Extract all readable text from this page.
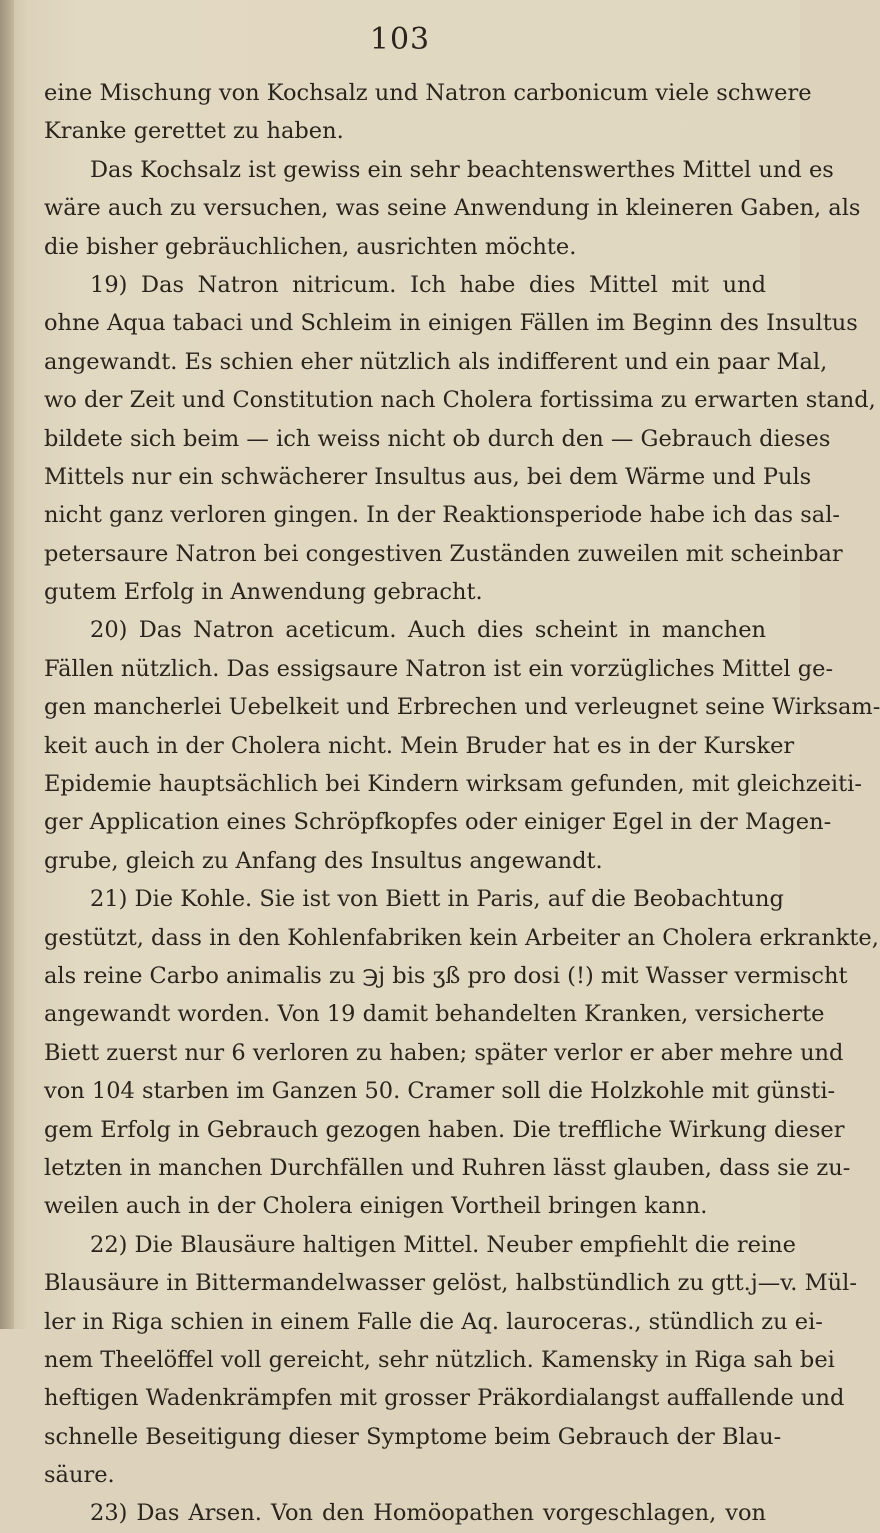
103
eine Mischung von Kochsalz und Natron carbonicum viele schwere
Kranke gerettet zu haben.
Das Kochsalz ist gewiss ein sehr beachtenswerthes Mittel und es
wäre auch zu versuchen, was seine Anwendung in kleineren Gaben, als
die bisher gebräuchlichen, ausrichten möchte.
19) Das Natron nitricum. Ich habe dies Mittel mit und
ohne Aqua tabaci und Schleim in einigen Fällen im Beginn des Insultus
angewandt. Es schien eher nützlich als indifferent und ein paar Mal,
wo der Zeit und Constitution nach Cholera fortissima zu erwarten stand,
bildete sich beim — ich weiss nicht ob durch den — Gebrauch dieses
Mittels nur ein schwächerer Insultus aus, bei dem Wärme und Puls
nicht ganz verloren gingen. In der Reaktionsperiode habe ich das sal-
petersaure Natron bei congestiven Zuständen zuweilen mit scheinbar
gutem Erfolg in Anwendung gebracht.
20) Das Natron aceticum. Auch dies scheint in manchen
Fällen nützlich. Das essigsaure Natron ist ein vorzügliches Mittel ge-
gen mancherlei Uebelkeit und Erbrechen und verleugnet seine Wirksam-
keit auch in der Cholera nicht. Mein Bruder hat es in der Kursker
Epidemie hauptsächlich bei Kindern wirksam gefunden, mit gleichzeiti-
ger Application eines Schröpfkopfes oder einiger Egel in der Magen-
grube, gleich zu Anfang des Insultus angewandt.
21) Die Kohle. Sie ist von Biett in Paris, auf die Beobachtung
gestützt, dass in den Kohlenfabriken kein Arbeiter an Cholera erkrankte,
als reine Carbo animalis zu ℈j bis ʒß pro dosi (!) mit Wasser vermischt
angewandt worden. Von 19 damit behandelten Kranken, versicherte
Biett zuerst nur 6 verloren zu haben; später verlor er aber mehre und
von 104 starben im Ganzen 50. Cramer soll die Holzkohle mit günsti-
gem Erfolg in Gebrauch gezogen haben. Die treffliche Wirkung dieser
letzten in manchen Durchfällen und Ruhren lässt glauben, dass sie zu-
weilen auch in der Cholera einigen Vortheil bringen kann.
22) Die Blausäure haltigen Mittel. Neuber empfiehlt die reine
Blausäure in Bittermandelwasser gelöst, halbstündlich zu gtt.j—v. Mül-
ler in Riga schien in einem Falle die Aq. lauroceras., stündlich zu ei-
nem Theelöffel voll gereicht, sehr nützlich. Kamensky in Riga sah bei
heftigen Wadenkrämpfen mit grosser Präkordialangst auffallende und
schnelle Beseitigung dieser Symptome beim Gebrauch der Blau-
säure.
23) Das Arsen. Von den Homöopathen vorgeschlagen, von
